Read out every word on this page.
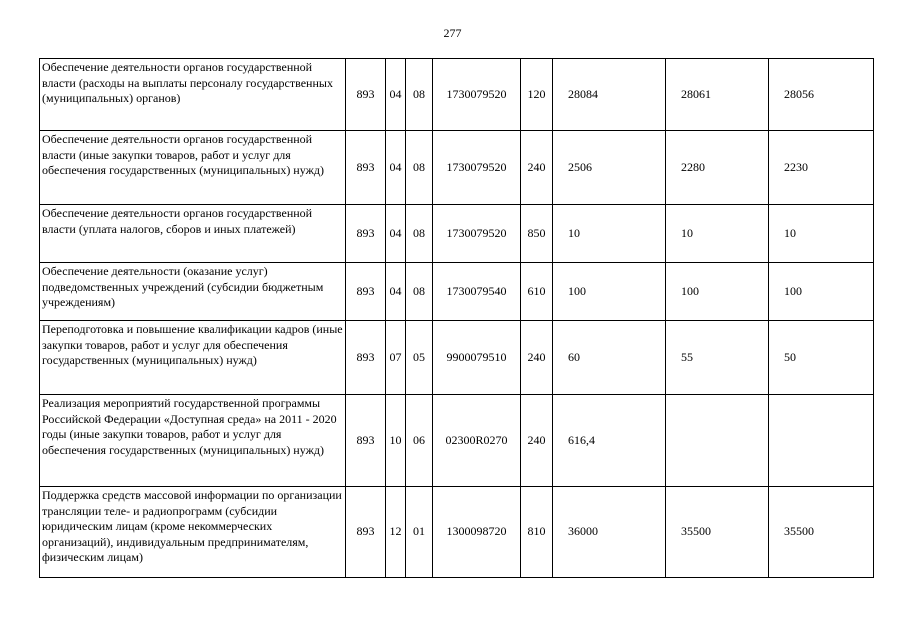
277
Обеспечение деятельности органов государственной власти (расходы на выплаты персоналу государственных (муниципальных) органов)	893	04	08	1730079520	120	28084	28061	28056
Обеспечение деятельности органов государственной власти (иные закупки товаров, работ и услуг для обеспечения государственных (муниципальных) нужд)	893	04	08	1730079520	240	2506	2280	2230
Обеспечение деятельности органов государственной власти (уплата налогов, сборов и иных платежей)	893	04	08	1730079520	850	10	10	10
Обеспечение деятельности (оказание услуг) подведомственных учреждений (субсидии бюджетным учреждениям)	893	04	08	1730079540	610	100	100	100
Переподготовка и повышение квалификации кадров (иные закупки товаров, работ и услуг для обеспечения государственных (муниципальных) нужд)	893	07	05	9900079510	240	60	55	50
Реализация мероприятий государственной программы Российской Федерации «Доступная среда» на 2011 - 2020 годы (иные закупки товаров, работ и услуг для обеспечения государственных (муниципальных) нужд)	893	10	06	02300R0270	240	616,4		
Поддержка средств массовой информации по организации трансляции теле- и радиопрограмм (субсидии юридическим лицам (кроме некоммерческих организаций), индивидуальным предпринимателям, физическим лицам)	893	12	01	1300098720	810	36000	35500	35500
